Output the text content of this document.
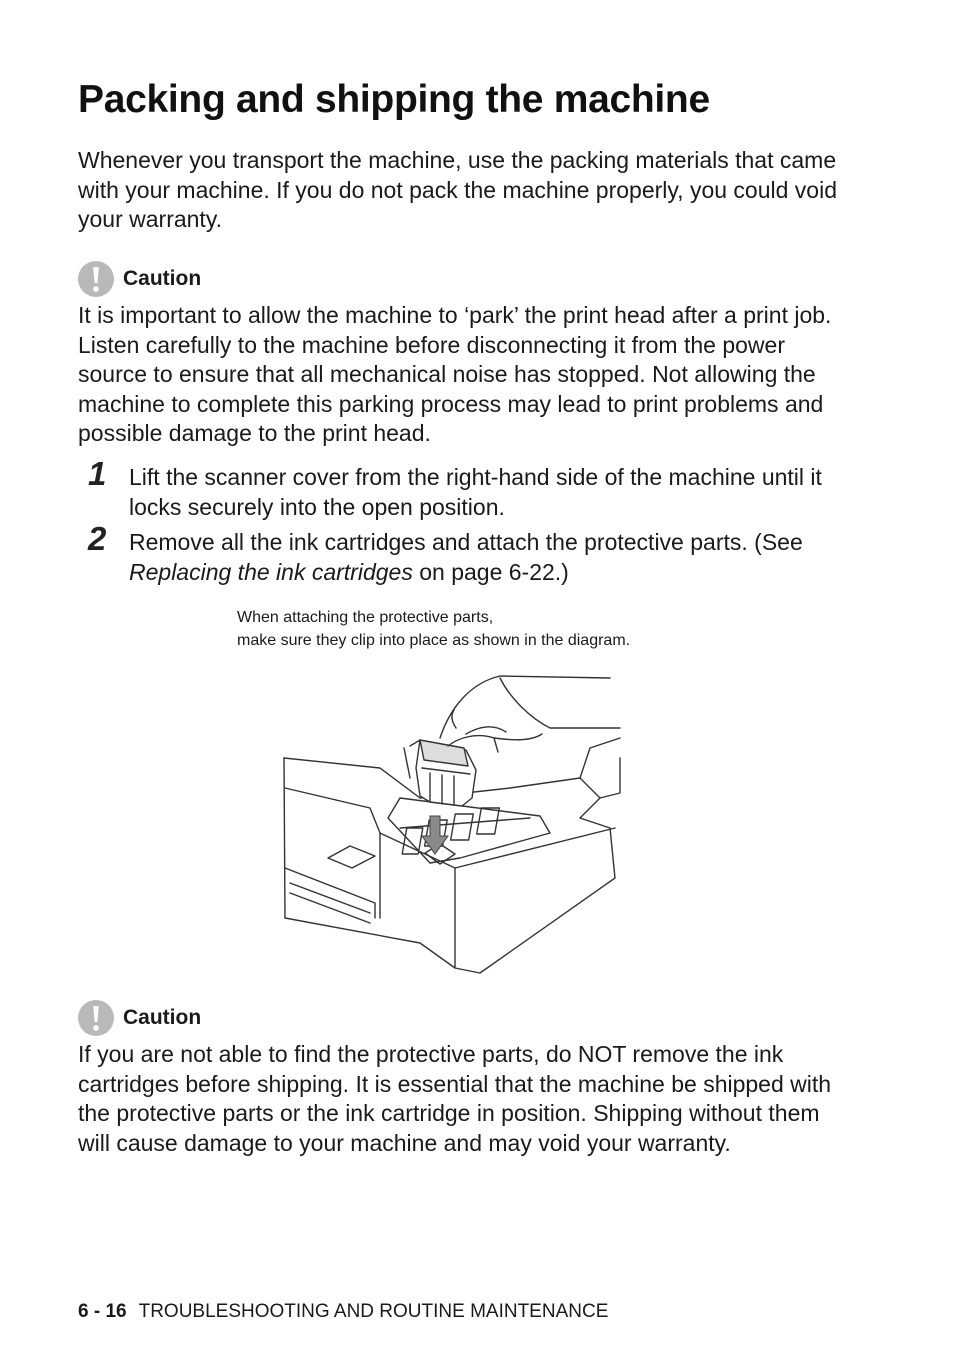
Packing and shipping the machine

Whenever you transport the machine, use the packing materials that came with your machine. If you do not pack the machine properly, you could void your warranty.

Caution

It is important to allow the machine to ‘park’ the print head after a print job. Listen carefully to the machine before disconnecting it from the power source to ensure that all mechanical noise has stopped. Not allowing the machine to complete this parking process may lead to print problems and possible damage to the print head.

1 Lift the scanner cover from the right-hand side of the machine until it locks securely into the open position.

2 Remove all the ink cartridges and attach the protective parts. (See Replacing the ink cartridges on page 6-22.)

When attaching the protective parts,
make sure they clip into place as shown in the diagram.
Caution

If you are not able to find the protective parts, do NOT remove the ink cartridges before shipping. It is essential that the machine be shipped with the protective parts or the ink cartridge in position. Shipping without them will cause damage to your machine and may void your warranty.

6 - 16 TROUBLESHOOTING AND ROUTINE MAINTENANCE
